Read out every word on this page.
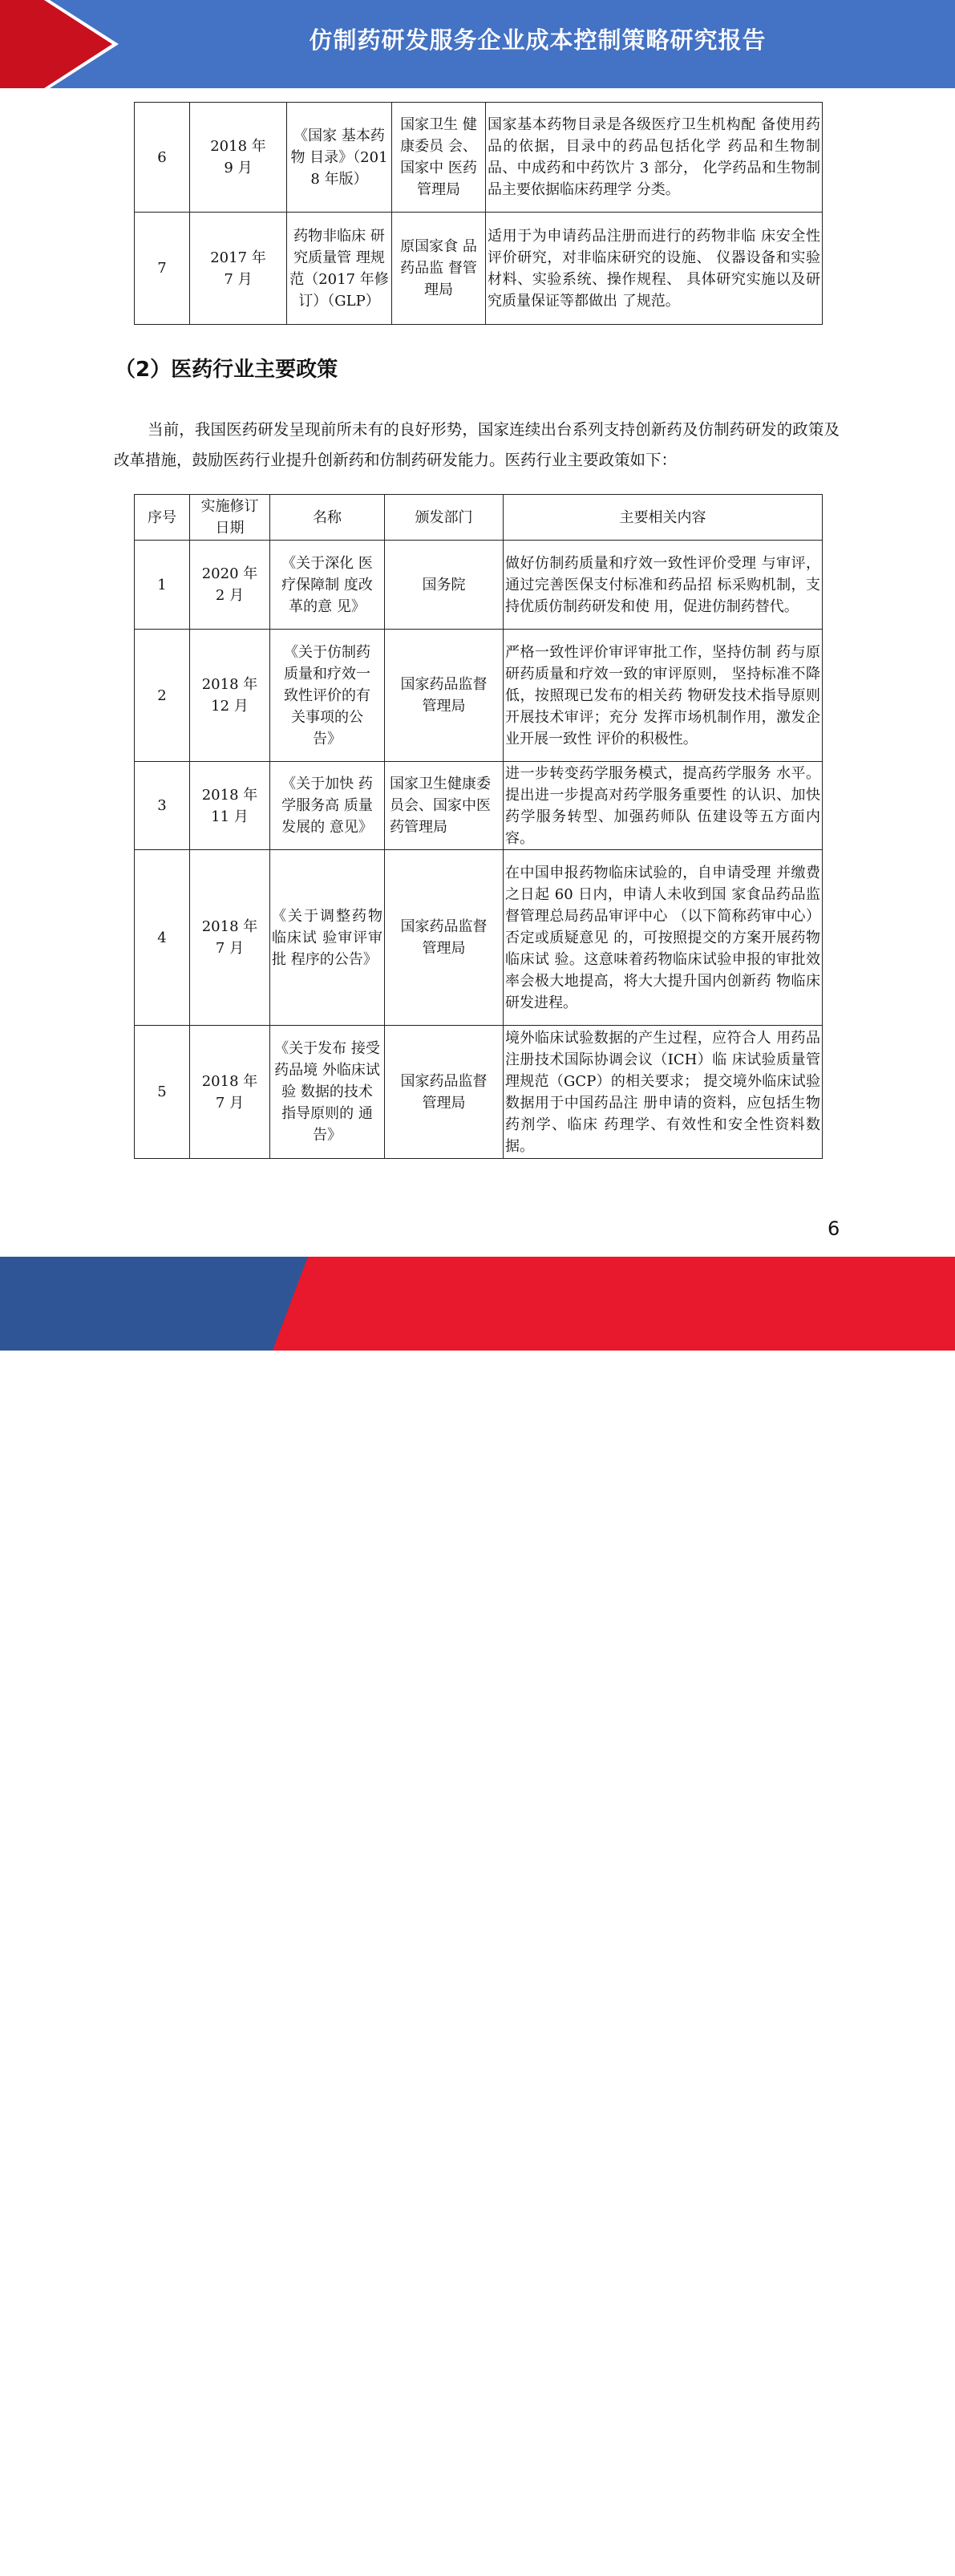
仿制药研发服务企业成本控制策略研究报告
6	2018 年 9 月	《国家 基本药物 目录》（2018 年版）	国家卫生 健康委员 会、国家中 医药管理局	国家基本药物目录是各级医疗卫生机构配 备使用药品的依据，目录中的药品包括化学 药品和生物制品、中成药和中药饮片 3 部分， 化学药品和生物制品主要依据临床药理学 分类。
7	2017 年 7 月	药物非临床 研究质量管 理规范（2017 年修订）（GLP）	原国家食 品药品监 督管理局	适用于为申请药品注册而进行的药物非临 床安全性评价研究，对非临床研究的设施、 仪器设备和实验材料、实验系统、操作规程、 具体研究实施以及研究质量保证等都做出 了规范。
（2）医药行业主要政策
当前，我国医药研发呈现前所未有的良好形势，国家连续出台系列支持创新药及仿制药研发的政策及改革措施，鼓励医药行业提升创新药和仿制药研发能力。医药行业主要政策如下：
序号	实施修订日期	名称	颁发部门	主要相关内容
1	2020 年 2 月	《关于深化 医疗保障制 度改革的意 见》	国务院	做好仿制药质量和疗效一致性评价受理 与审评，通过完善医保支付标准和药品招 标采购机制，支持优质仿制药研发和使 用，促进仿制药替代。
2	2018 年 12 月	《关于仿制药质量和疗效一致性评价的有关事项的公告》	国家药品监督管理局	严格一致性评价审评审批工作，坚持仿制 药与原研药质量和疗效一致的审评原则， 坚持标准不降低，按照现已发布的相关药 物研发技术指导原则开展技术审评；充分 发挥市场机制作用，激发企业开展一致性 评价的积极性。
3	2018 年 11 月	《关于加快 药学服务高 质量发展的 意见》	国家卫生健康委员会、国家中医药管理局	进一步转变药学服务模式，提高药学服务 水平。提出进一步提高对药学服务重要性 的认识、加快药学服务转型、加强药师队 伍建设等五方面内容。
4	2018 年 7 月	《关于调整药物临床试 验审评审批 程序的公告》	国家药品监督管理局	在中国申报药物临床试验的，自申请受理 并缴费之日起 60 日内，申请人未收到国 家食品药品监督管理总局药品审评中心 （以下简称药审中心）否定或质疑意见 的，可按照提交的方案开展药物临床试 验。这意味着药物临床试验申报的审批效 率会极大地提高，将大大提升国内创新药 物临床研发进程。
5	2018 年 7 月	《关于发布 接受药品境 外临床试验 数据的技术 指导原则的 通告》	国家药品监督管理局	境外临床试验数据的产生过程，应符合人 用药品注册技术国际协调会议（ICH）临 床试验质量管理规范（GCP）的相关要求； 提交境外临床试验数据用于中国药品注 册申请的资料，应包括生物药剂学、临床 药理学、有效性和安全性资料数据。
6
让每个人都能成为	行业专家、管理专家、营销专家、战略专家、成功企业家……
